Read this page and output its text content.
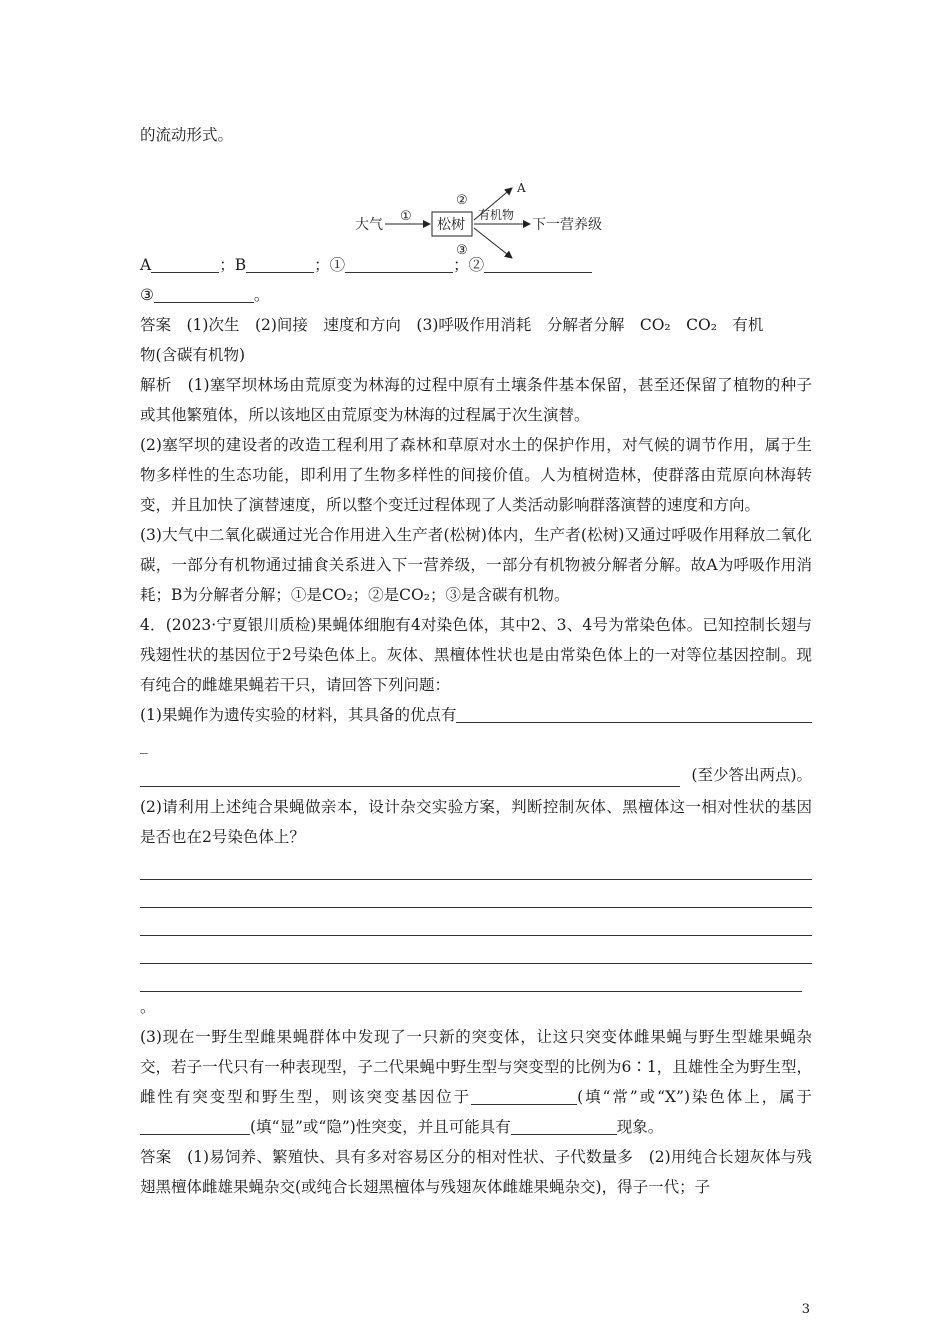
的流动形式。

大气
①
松树
②
A
有机物
下一营养级
③

A	；B	；①	；②

③	。

答案　(1)次生　(2)间接　速度和方向　(3)呼吸作用消耗　分解者分解　CO₂　CO₂　有机

物(含碳有机物)

解析　(1)塞罕坝林场由荒原变为林海的过程中原有土壤条件基本保留，甚至还保留了植物的种子或其他繁殖体，所以该地区由荒原变为林海的过程属于次生演替。

(2)塞罕坝的建设者的改造工程利用了森林和草原对水土的保护作用，对气候的调节作用，属于生物多样性的生态功能，即利用了生物多样性的间接价值。人为植树造林，使群落由荒原向林海转变，并且加快了演替速度，所以整个变迁过程体现了人类活动影响群落演替的速度和方向。

(3)大气中二氧化碳通过光合作用进入生产者(松树)体内，生产者(松树)又通过呼吸作用释放二氧化碳，一部分有机物通过捕食关系进入下一营养级，一部分有机物被分解者分解。故A为呼吸作用消耗；B为分解者分解；①是CO₂；②是CO₂；③是含碳有机物。

4．(2023·宁夏银川质检)果蝇体细胞有4对染色体，其中2、3、4号为常染色体。已知控制长翅与残翅性状的基因位于2号染色体上。灰体、黑檀体性状也是由常染色体上的一对等位基因控制。现有纯合的雌雄果蝇若干只，请回答下列问题：

(1)果蝇作为遗传实验的材料，其具备的优点有

_

(至少答出两点)。

(2)请利用上述纯合果蝇做亲本，设计杂交实验方案，判断控制灰体、黑檀体这一相对性状的基因是否也在2号染色体上？

。

(3)现在一野生型雌果蝇群体中发现了一只新的突变体，让这只突变体雌果蝇与野生型雄果蝇杂交，若子一代只有一种表现型，子二代果蝇中野生型与突变型的比例为6∶1，且雄性全为野生型，雌性有突变型和野生型，则该突变基因位于	(填“常”或“X”)染色体上，属于(填“显”或“隐”)性突变，并且可能具有	现象。

答案　(1)易饲养、繁殖快、具有多对容易区分的相对性状、子代数量多　(2)用纯合长翅灰体与残翅黑檀体雌雄果蝇杂交(或纯合长翅黑檀体与残翅灰体雌雄果蝇杂交)，得子一代；子

3
